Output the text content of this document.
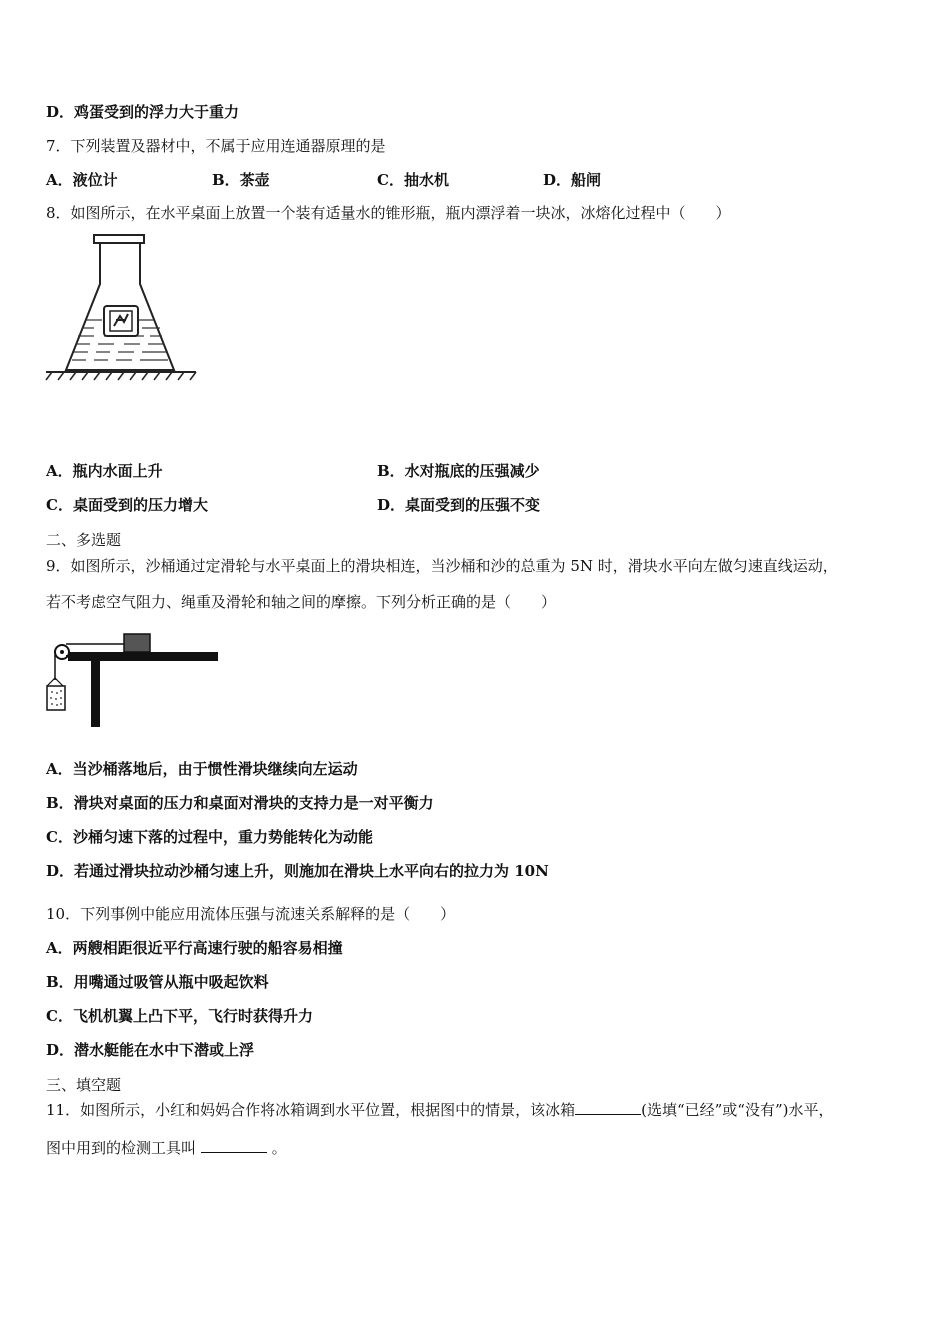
D．鸡蛋受到的浮力大于重力
7．下列装置及器材中，不属于应用连通器原理的是
A．液位计	B．茶壶	C．抽水机	D．船闸
8．如图所示，在水平桌面上放置一个装有适量水的锥形瓶，瓶内漂浮着一块冰，冰熔化过程中（　　）
A．瓶内水面上升	B．水对瓶底的压强减少
C．桌面受到的压力增大	D．桌面受到的压强不变
二、多选题
9．如图所示，沙桶通过定滑轮与水平桌面上的滑块相连，当沙桶和沙的总重为 5N 时，滑块水平向左做匀速直线运动，
若不考虑空气阻力、绳重及滑轮和轴之间的摩擦。下列分析正确的是（　　）
A．当沙桶落地后，由于惯性滑块继续向左运动
B．滑块对桌面的压力和桌面对滑块的支持力是一对平衡力
C．沙桶匀速下落的过程中，重力势能转化为动能
D．若通过滑块拉动沙桶匀速上升，则施加在滑块上水平向右的拉力为 10N
10．下列事例中能应用流体压强与流速关系解释的是（　　）
A．两艘相距很近平行高速行驶的船容易相撞
B．用嘴通过吸管从瓶中吸起饮料
C．飞机机翼上凸下平，飞行时获得升力
D．潜水艇能在水中下潜或上浮
三、填空题
11．如图所示，小红和妈妈合作将冰箱调到水平位置，根据图中的情景，该冰箱	(选填“已经”或“没有”)水平，
图中用到的检测工具叫	。
